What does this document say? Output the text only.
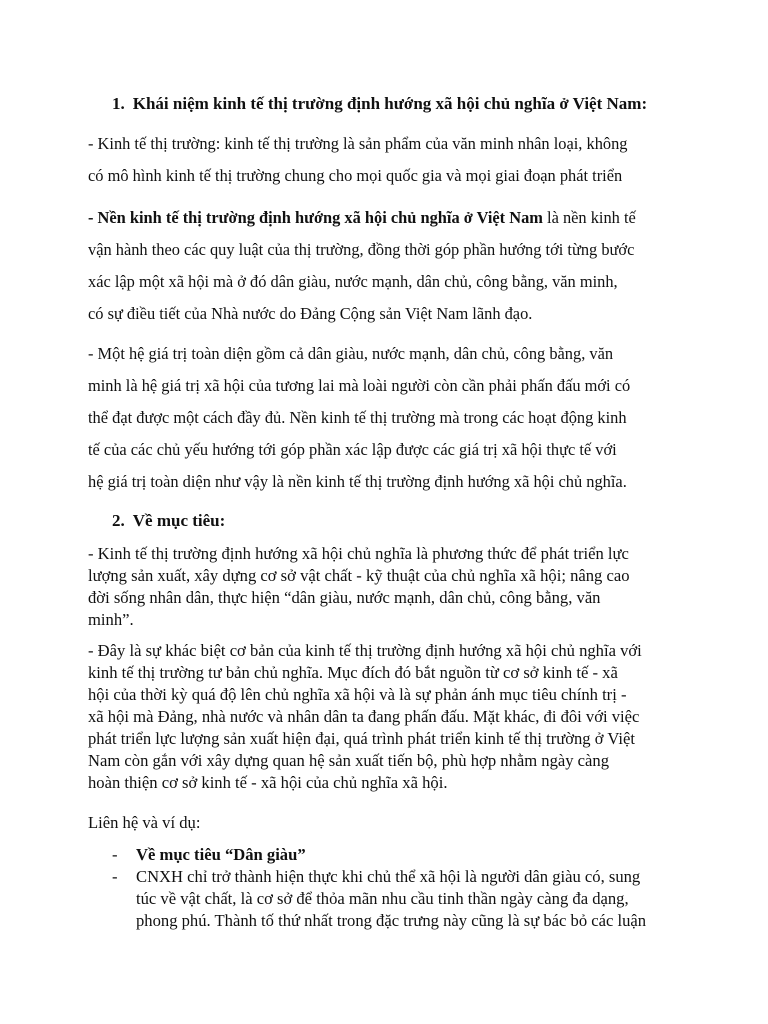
1. Khái niệm kinh tế thị trường định hướng xã hội chủ nghĩa ở Việt Nam:
- Kinh tế thị trường: kinh tế thị trường là sản phẩm của văn minh nhân loại, không
có mô hình kinh tế thị trường chung cho mọi quốc gia và mọi giai đoạn phát triển
- Nền kinh tế thị trường định hướng xã hội chủ nghĩa ở Việt Nam là nền kinh tế
vận hành theo các quy luật của thị trường, đồng thời góp phần hướng tới từng bước
xác lập một xã hội mà ở đó dân giàu, nước mạnh, dân chủ, công bằng, văn minh,
có sự điều tiết của Nhà nước do Đảng Cộng sản Việt Nam lãnh đạo.
- Một hệ giá trị toàn diện gồm cả dân giàu, nước mạnh, dân chủ, công bằng, văn
minh là hệ giá trị xã hội của tương lai mà loài người còn cần phải phấn đấu mới có
thể đạt được một cách đầy đủ. Nền kinh tế thị trường mà trong các hoạt động kinh
tế của các chủ yếu hướng tới góp phần xác lập được các giá trị xã hội thực tế với
hệ giá trị toàn diện như vậy là nền kinh tế thị trường định hướng xã hội chủ nghĩa.
2. Về mục tiêu:
- Kinh tế thị trường định hướng xã hội chủ nghĩa là phương thức để phát triển lực
lượng sản xuất, xây dựng cơ sở vật chất - kỹ thuật của chủ nghĩa xã hội; nâng cao
đời sống nhân dân, thực hiện “dân giàu, nước mạnh, dân chủ, công bằng, văn
minh”.
- Đây là sự khác biệt cơ bản của kinh tế thị trường định hướng xã hội chủ nghĩa với
kinh tế thị trường tư bản chủ nghĩa. Mục đích đó bắt nguồn từ cơ sở kinh tế - xã
hội của thời kỳ quá độ lên chủ nghĩa xã hội và là sự phản ánh mục tiêu chính trị -
xã hội mà Đảng, nhà nước và nhân dân ta đang phấn đấu. Mặt khác, đi đôi với việc
phát triển lực lượng sản xuất hiện đại, quá trình phát triển kinh tế thị trường ở Việt
Nam còn gắn với xây dựng quan hệ sản xuất tiến bộ, phù hợp nhằm ngày càng
hoàn thiện cơ sở kinh tế - xã hội của chủ nghĩa xã hội.
Liên hệ và ví dụ:
-	Về mục tiêu “Dân giàu”
-	CNXH chỉ trở thành hiện thực khi chủ thể xã hội là người dân giàu có, sung
túc về vật chất, là cơ sở để thỏa mãn nhu cầu tinh thần ngày càng đa dạng,
phong phú. Thành tố thứ nhất trong đặc trưng này cũng là sự bác bỏ các luận
